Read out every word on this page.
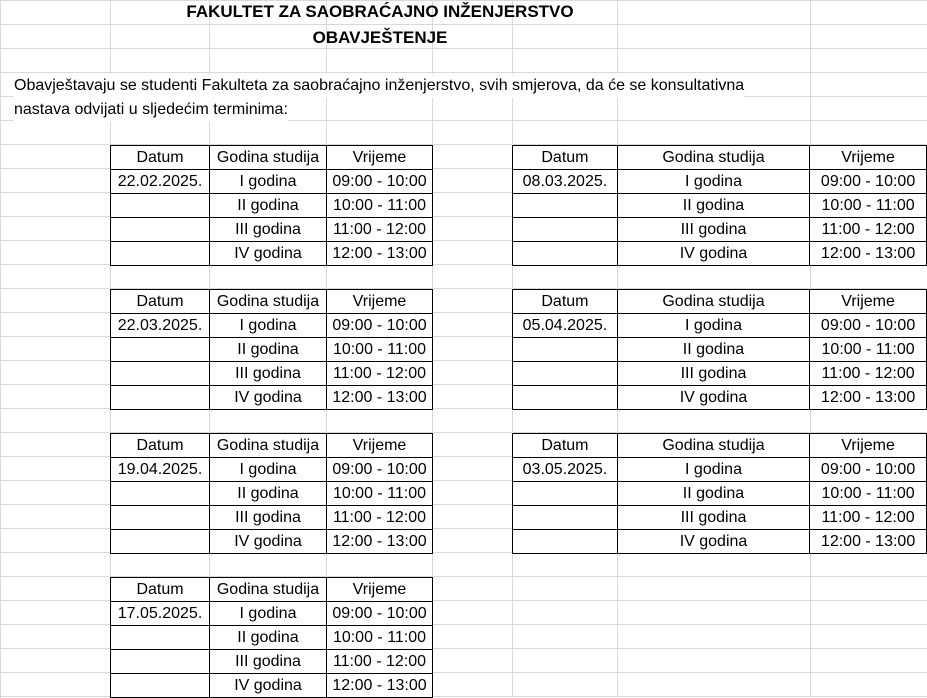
FAKULTET ZA SAOBRAĆAJNO INŽENJERSTVO
OBAVJEŠTENJE
Obavještavaju se studenti Fakulteta za saobraćajno inženjerstvo, svih smjerova, da će se konsultativna
nastava odvijati u sljedećim terminima:
Datum	Godina studija	Vrijeme
22.02.2025.	I godina	09:00 - 10:00
	II godina	10:00 - 11:00
	III godina	11:00 - 12:00
	IV godina	12:00 - 13:00
Datum	Godina studija	Vrijeme
08.03.2025.	I godina	09:00 - 10:00
	II godina	10:00 - 11:00
	III godina	11:00 - 12:00
	IV godina	12:00 - 13:00
Datum	Godina studija	Vrijeme
22.03.2025.	I godina	09:00 - 10:00
	II godina	10:00 - 11:00
	III godina	11:00 - 12:00
	IV godina	12:00 - 13:00
Datum	Godina studija	Vrijeme
05.04.2025.	I godina	09:00 - 10:00
	II godina	10:00 - 11:00
	III godina	11:00 - 12:00
	IV godina	12:00 - 13:00
Datum	Godina studija	Vrijeme
19.04.2025.	I godina	09:00 - 10:00
	II godina	10:00 - 11:00
	III godina	11:00 - 12:00
	IV godina	12:00 - 13:00
Datum	Godina studija	Vrijeme
03.05.2025.	I godina	09:00 - 10:00
	II godina	10:00 - 11:00
	III godina	11:00 - 12:00
	IV godina	12:00 - 13:00
Datum	Godina studija	Vrijeme
17.05.2025.	I godina	09:00 - 10:00
	II godina	10:00 - 11:00
	III godina	11:00 - 12:00
	IV godina	12:00 - 13:00
